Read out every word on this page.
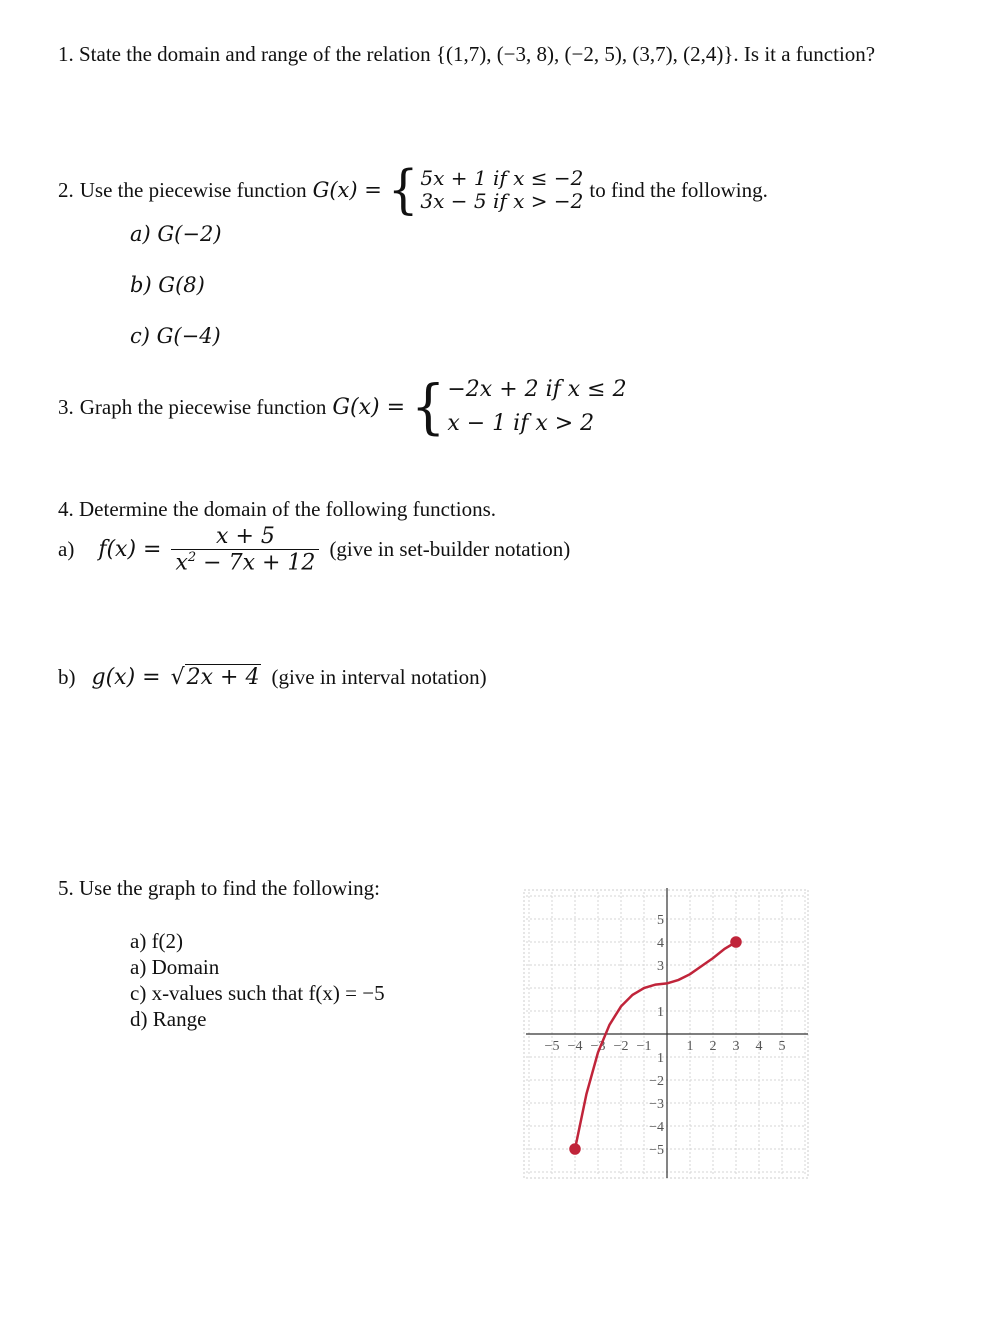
1. State the domain and range of the relation {(1,7), (−3, 8), (−2, 5), (3,7), (2,4)}. Is it a function?
2. Use the piecewise function G(x) = { 5x + 1 if x ≤ −2
3x − 5 if x > −2 to find the following.
a) G(−2)
b) G(8)
c) G(−4)
3. Graph the piecewise function G(x) = { −2x + 2 if x ≤ 2
x − 1 if x > 2
4. Determine the domain of the following functions.
a) $f(x) = \frac{x + 5}{x^2 - 7x + 12}$ (give in set-builder notation)
b) g(x) = √ 2x + 4 (give in interval notation)
5. Use the graph to find the following:
a) f(2)
a) Domain
c) x-values such that f(x) = −5
d) Range
−5 −4 −3 −2 −1	1 2 3 4 5
5
4
3
1
1
−2
−3
−4
−5
